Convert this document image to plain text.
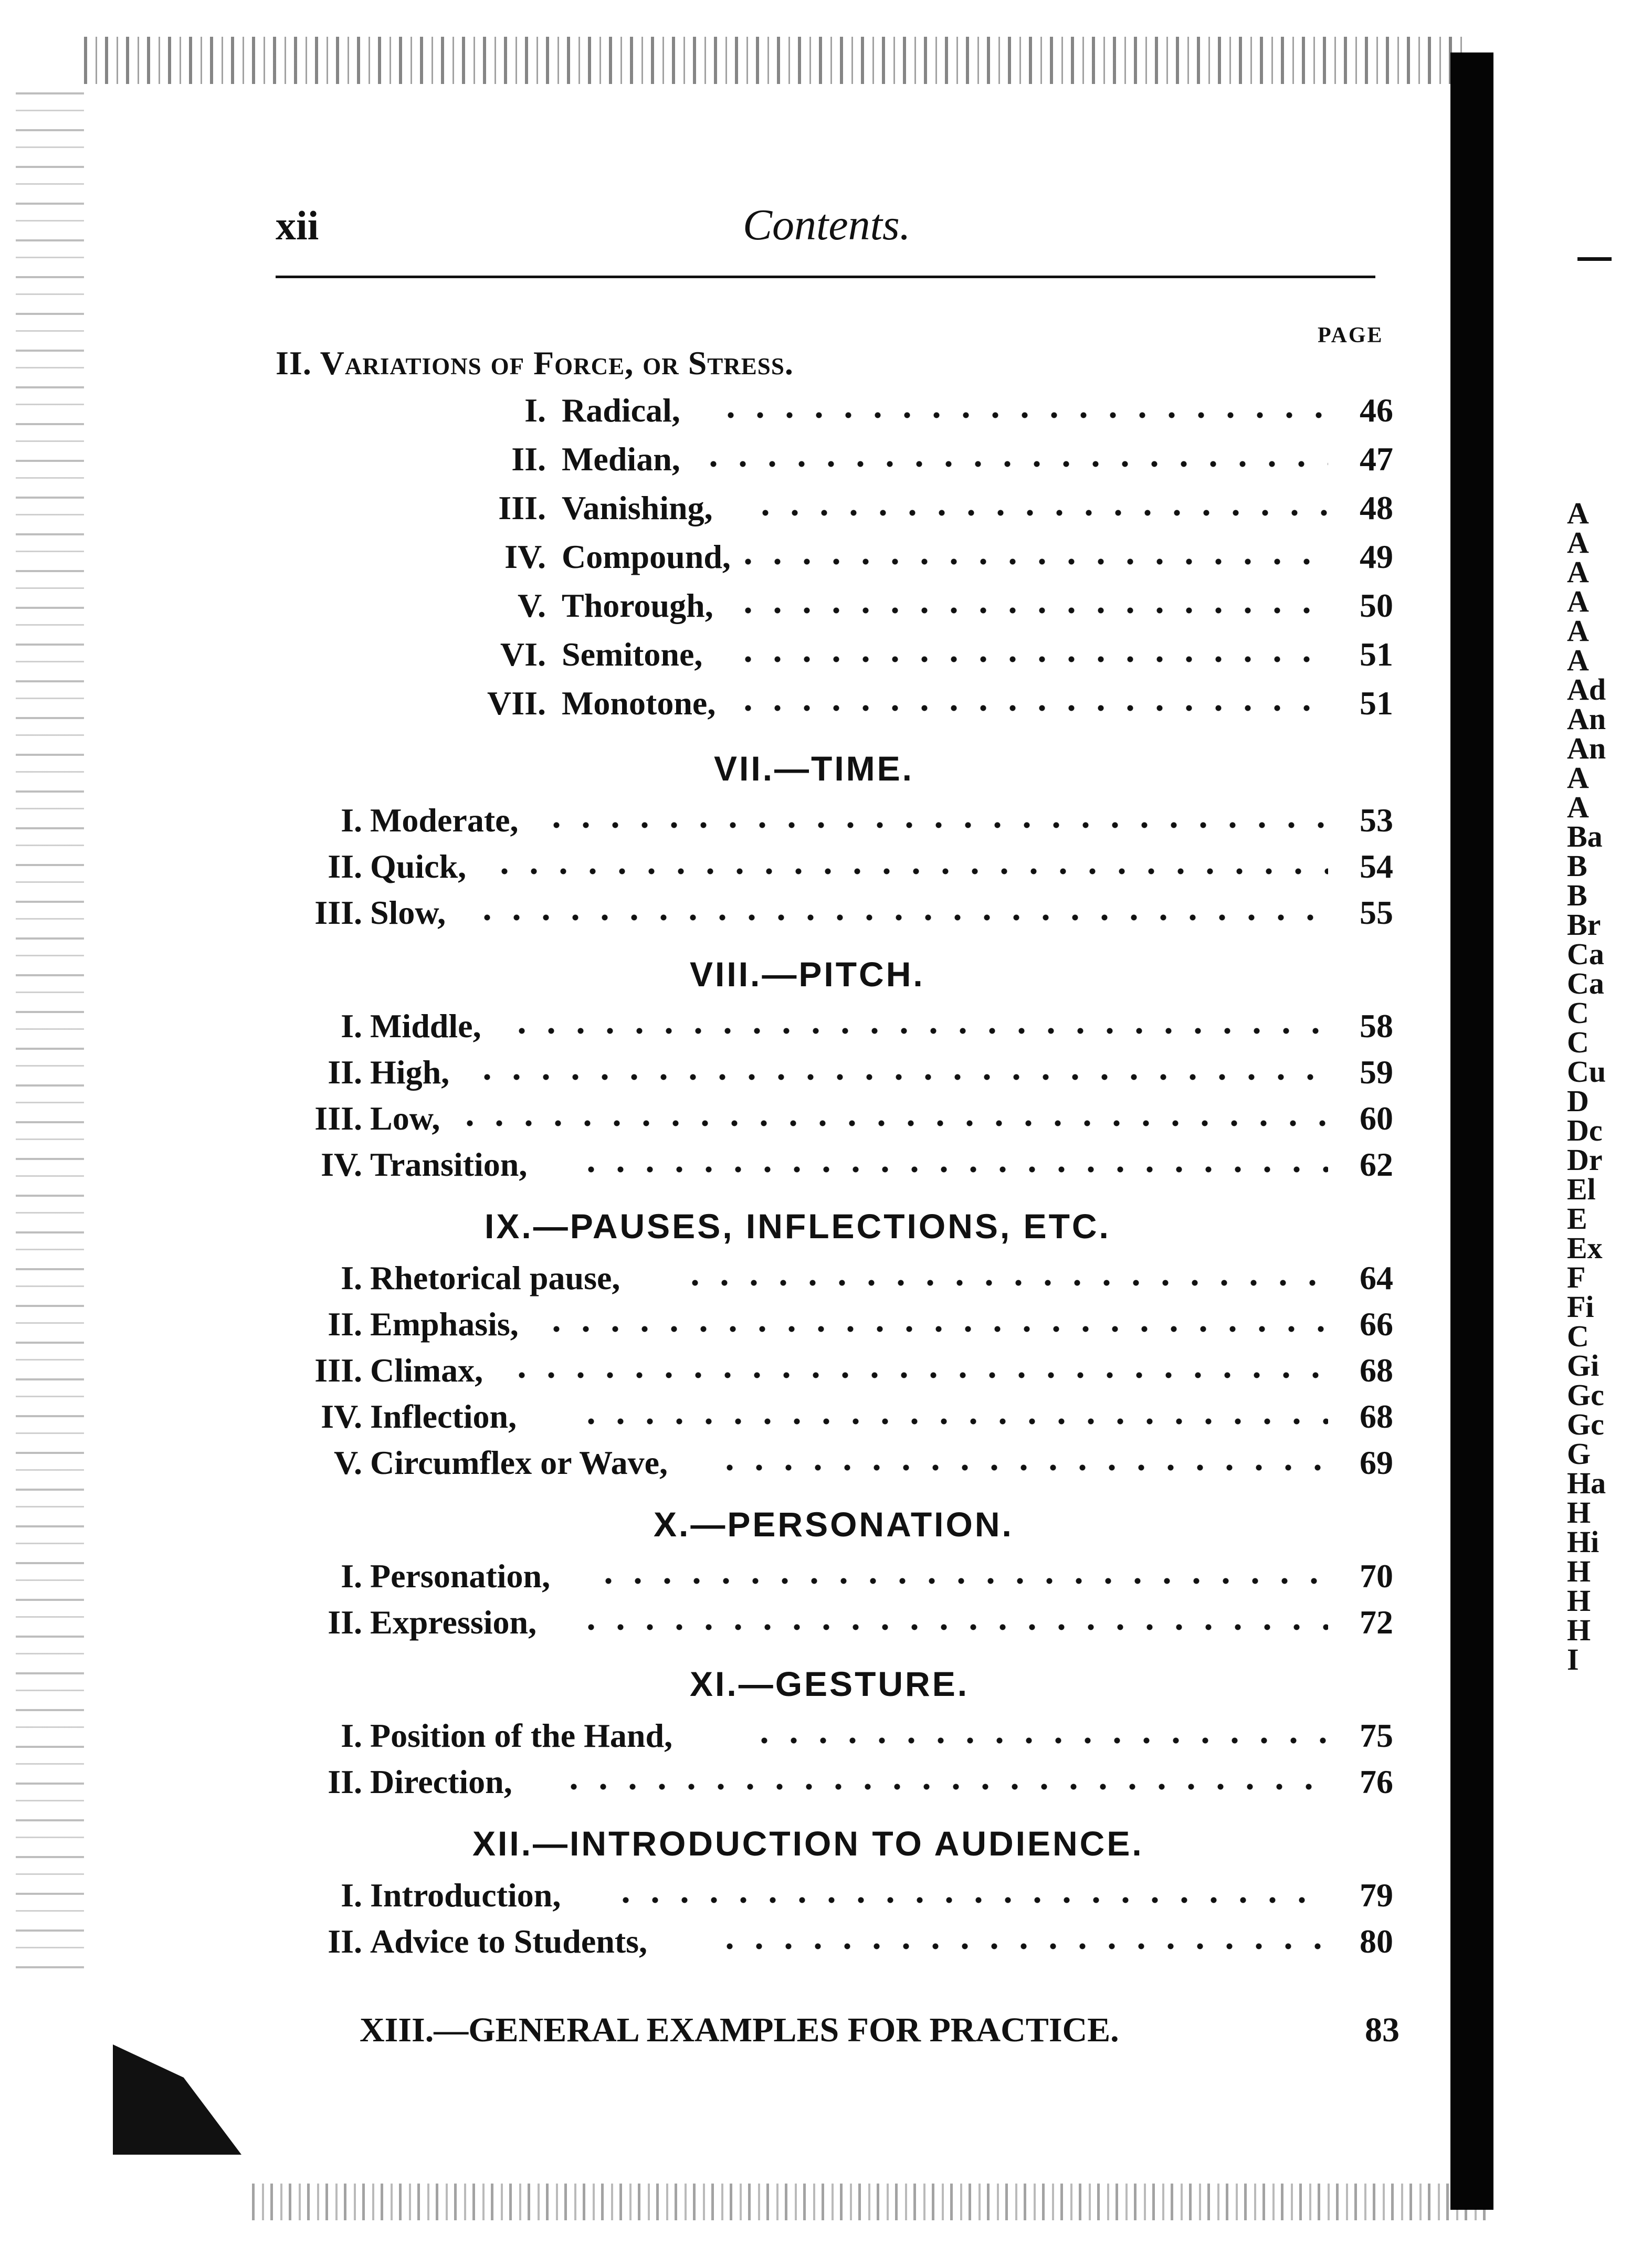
A
A
A
A
A
A
Ad
An
An
A
A
Ba
B
B
Br
Ca
Ca
C
C
Cu
D
Dc
Dr
El
E
Ex
F
Fi
C
Gi
Gc
Gc
G
Ha
H
Hi
H
H
H
I
xii	Contents.
PAGE
II. Variations of Force, or Stress.
I. Radical,	46
II. Median,	47
III. Vanishing,	48
IV. Compound,	49
V. Thorough,	50
VI. Semitone,	51
VII. Monotone,	51
VII.—TIME.
I. Moderate,	53
II. Quick,	54
III. Slow,	55
VIII.—PITCH.
I. Middle,	58
II. High,	59
III. Low,	60
IV. Transition,	62
IX.—PAUSES, INFLECTIONS, ETC.
I. Rhetorical pause,	64
II. Emphasis,	66
III. Climax,	68
IV. Inflection,	68
V. Circumflex or Wave,	69
X.—PERSONATION.
I. Personation,	70
II. Expression,	72
XI.—GESTURE.
I. Position of the Hand,	75
II. Direction,	76
XII.—INTRODUCTION TO AUDIENCE.
I. Introduction,	79
II. Advice to Students,	80
XIII.—GENERAL EXAMPLES FOR PRACTICE.	83
